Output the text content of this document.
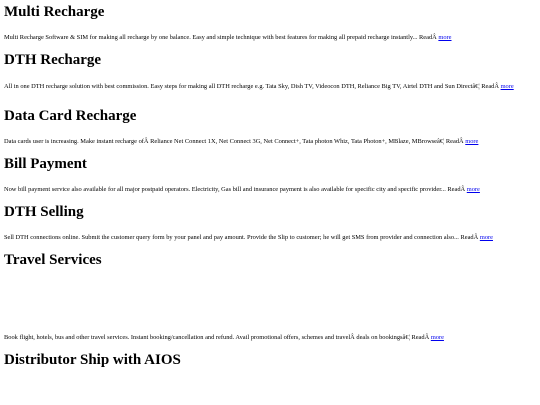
Multi Recharge

Multi Recharge Software & SIM for making all recharge by one balance. Easy and simple technique with best features for making all prepaid recharge instantly... ReadÂ more

DTH Recharge

All in one DTH recharge solution with best commission. Easy steps for making all DTH recharge e.g. Tata Sky, Dish TV, Videocon DTH, Reliance Big TV, Airtel DTH and Sun Directâ€¦ ReadÂ more

Data Card Recharge

Data cards user is increasing. Make instant recharge ofÂ Reliance Net Connect 1X, Net Connect 3G, Net Connect+, Tata photon Whiz, Tata Photon+, MBlaze, MBrowseâ€¦ ReadÂ more

Bill Payment

Now bill payment service also available for all major postpaid operators. Electricity, Gas bill and insurance payment is also available for specific city and specific provider... ReadÂ more

DTH Selling

Sell DTH connections online. Submit the customer query form by your panel and pay amount. Provide the Slip to customer; he will get SMS from provider and connection also... ReadÂ more

Travel Services

Book flight, hotels, bus and other travel services. Instant booking/cancellation and refund. Avail promotional offers, schemes and travelÂ deals on bookingsâ€¦ ReadÂ more

Distributor Ship with AIOS
